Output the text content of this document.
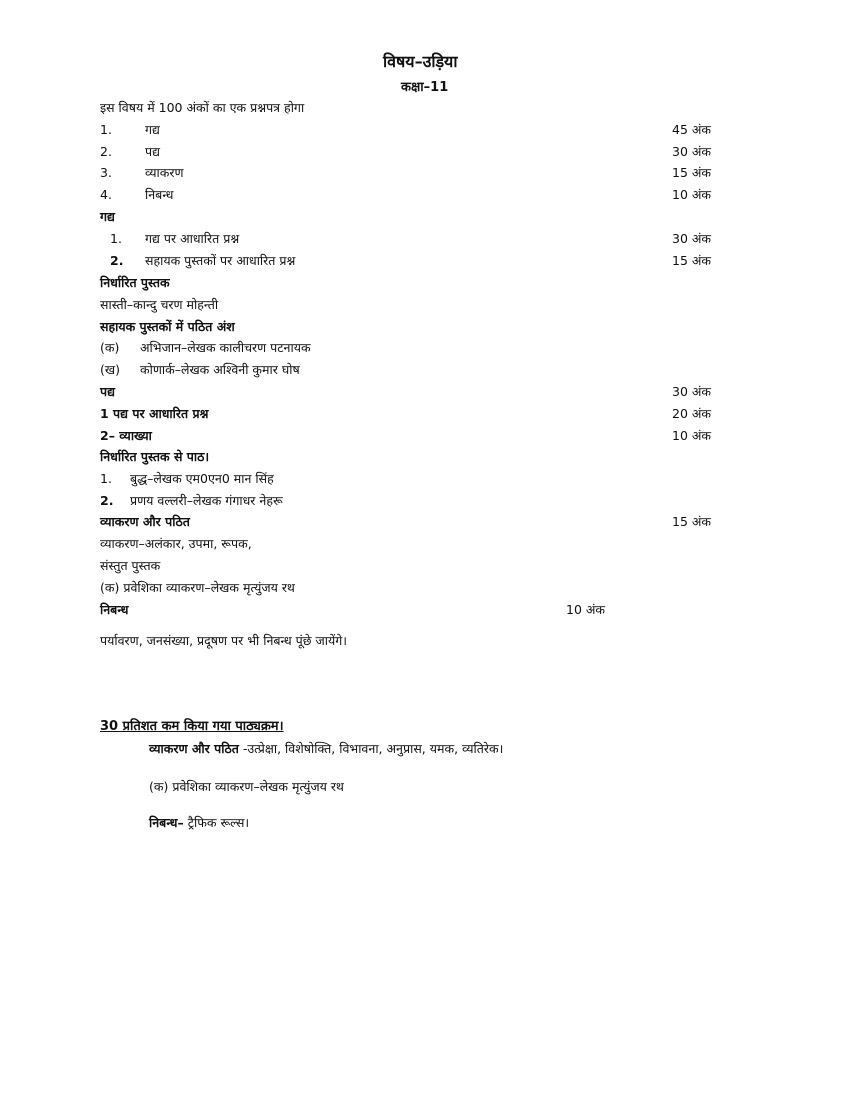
विषय–उड़िया
कक्षा–11
इस विषय में 100 अंकों का एक प्रश्नपत्र होगा
1.	गद्य	45 अंक
2.	पद्य	30 अंक
3.	व्याकरण	15 अंक
4.	निबन्ध	10 अंक
गद्य
1. गद्य पर आधारित प्रश्न	30 अंक
2. सहायक पुस्तकों पर आधारित प्रश्न	15 अंक
निर्धारित पुस्तक
सास्ती–कान्दु चरण मोहन्ती
सहायक पुस्तकों में पठित अंश
(क) अभिजान–लेखक कालीचरण पटनायक
(ख) कोणार्क–लेखक अश्विनी कुमार घोष
पद्य	30 अंक
1 पद्य पर आधारित प्रश्न	20 अंक
2– व्याख्या	10 अंक
निर्धारित पुस्तक से पाठ।
1. बुद्ध–लेखक एम0एन0 मान सिंह
2. प्रणय वल्लरी–लेखक गंगाधर नेहरू
व्याकरण और पठित	15 अंक
व्याकरण–अलंकार, उपमा, रूपक,
संस्तुत पुस्तक
(क) प्रवेशिका व्याकरण–लेखक मृत्युंजय रथ
निबन्ध	10 अंक
पर्यावरण, जनसंख्या, प्रदूषण पर भी निबन्ध पूंछे जायेंगे।
30 प्रतिशत कम किया गया पाठ्यक्रम।
व्याकरण और पठित -उत्प्रेक्षा, विशेषोक्ति, विभावना, अनुप्रास, यमक, व्यतिरेक।
(क) प्रवेशिका व्याकरण–लेखक मृत्युंजय रथ
निबन्ध– ट्रैफिक रूल्स।
